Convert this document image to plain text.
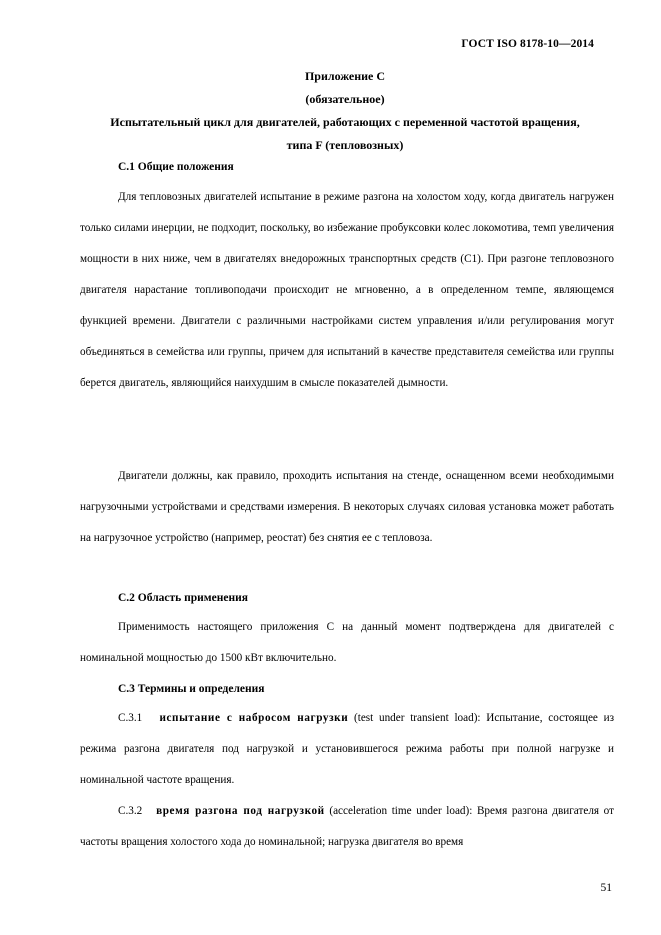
ГОСТ ISO 8178-10—2014
Приложение С
(обязательное)
Испытательный цикл для двигателей, работающих с переменной частотой вращения,
типа F (тепловозных)
С.1 Общие положения

Для тепловозных двигателей испытание в режиме разгона на холостом ходу, когда двигатель нагружен только силами инерции, не подходит, поскольку, во избежание пробуксовки колес локомотива, темп увеличения мощности в них ниже, чем в двигателях внедорожных транспортных средств (С1). При разгоне тепловозного двигателя нарастание топливоподачи происходит не мгновенно, а в определенном темпе, являющемся функцией времени. Двигатели с различными настройками систем управления и/или регулирования могут объединяться в семейства или группы, причем для испытаний в качестве представителя семейства или группы берется двигатель, являющийся наихудшим в смысле показателей дымности.

Двигатели должны, как правило, проходить испытания на стенде, оснащенном всеми необходимыми нагрузочными устройствами и средствами измерения. В некоторых случаях силовая установка может работать на нагрузочное устройство (например, реостат) без снятия ее с тепловоза.

С.2 Область применения

Применимость настоящего приложения С на данный момент подтверждена для двигателей с номинальной мощностью до 1500 кВт включительно.

С.3 Термины и определения

С.3.1 испытание с набросом нагрузки (test under transient load): Испытание, состоящее из режима разгона двигателя под нагрузкой и установившегося режима работы при полной нагрузке и номинальной частоте вращения.

С.3.2 время разгона под нагрузкой (acceleration time under load): Время разгона двигателя от частоты вращения холостого хода до номинальной; нагрузка двигателя во время

51
